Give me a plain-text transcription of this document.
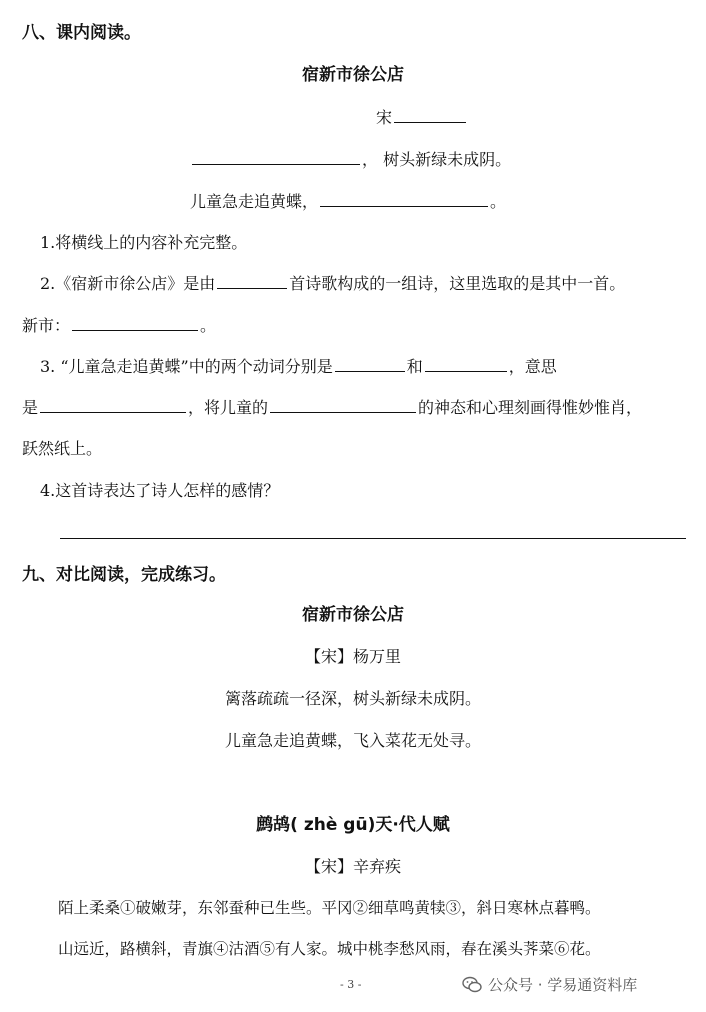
八、课内阅读。
宿新市徐公店
宋
， 树头新绿未成阴。
儿童急走追黄蝶，	。
1.将横线上的内容补充完整。
2.《宿新市徐公店》是由	首诗歌构成的一组诗，这里选取的是其中一首。
新市：	。
3. “儿童急走追黄蝶”中的两个动词分别是	和	，意思
是	，将儿童的	的神态和心理刻画得惟妙惟肖，
跃然纸上。
4.这首诗表达了诗人怎样的感情？
九、对比阅读，完成练习。
宿新市徐公店
【宋】杨万里
篱落疏疏一径深，树头新绿未成阴。
儿童急走追黄蝶，飞入菜花无处寻。
鹧鸪( zhè gū)天·代人赋
【宋】辛弃疾
陌上柔桑①破嫩芽，东邻蚕种已生些。平冈②细草鸣黄犊③，斜日寒林点暮鸭。
山远近，路横斜，青旗④沽酒⑤有人家。城中桃李愁风雨，春在溪头荠菜⑥花。
- 3 -	公众号 · 学易通资料库
